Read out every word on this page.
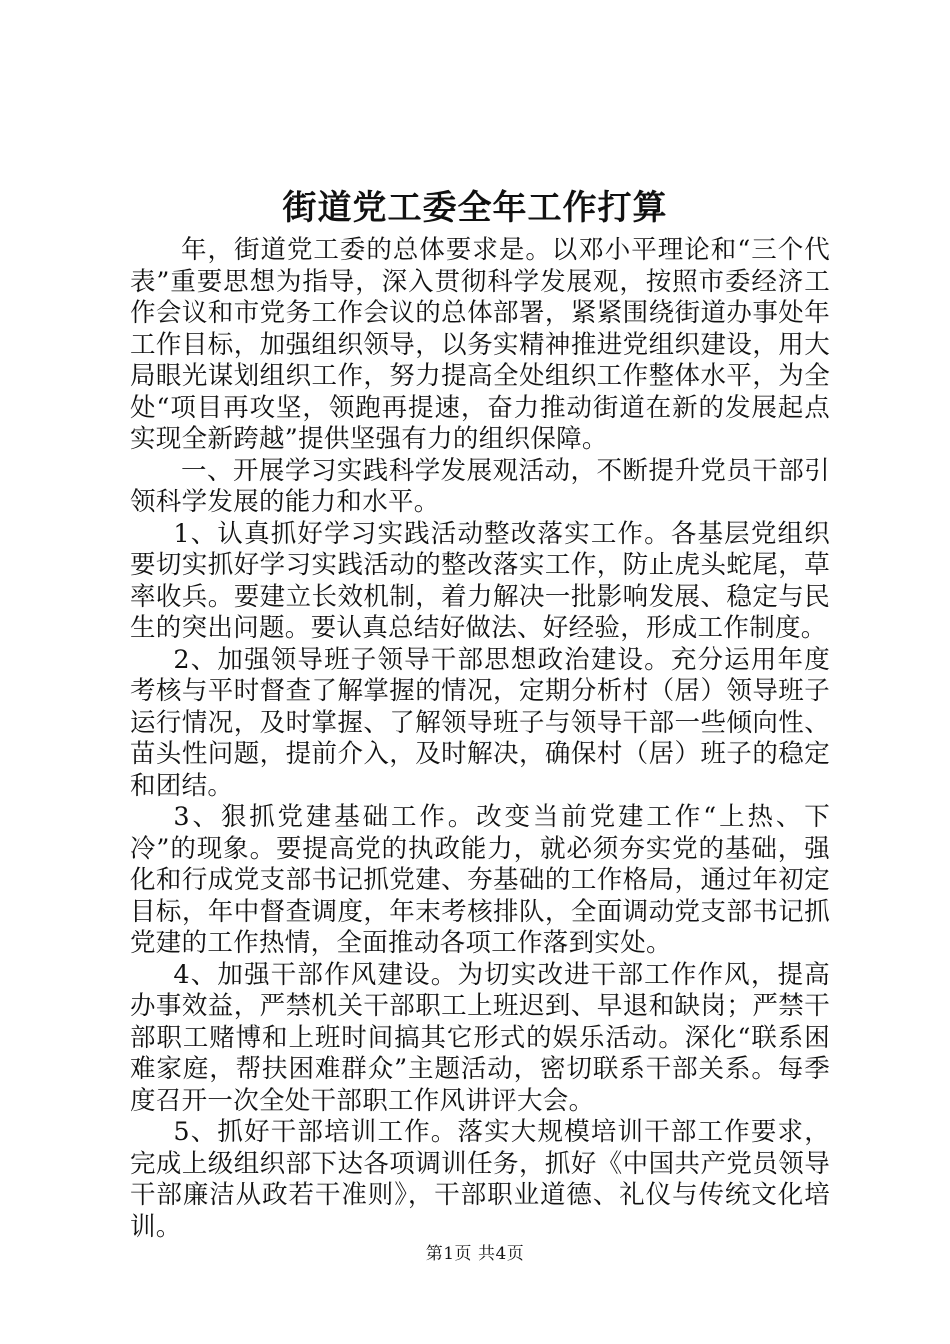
街道党工委全年工作打算

年，街道党工委的总体要求是。以邓小平理论和“三个代表”重要思想为指导，深入贯彻科学发展观，按照市委经济工作会议和市党务工作会议的总体部署，紧紧围绕街道办事处年工作目标，加强组织领导，以务实精神推进党组织建设，用大局眼光谋划组织工作，努力提高全处组织工作整体水平，为全处“项目再攻坚，领跑再提速，奋力推动街道在新的发展起点实现全新跨越”提供坚强有力的组织保障。

一、开展学习实践科学发展观活动，不断提升党员干部引领科学发展的能力和水平。

1、认真抓好学习实践活动整改落实工作。各基层党组织要切实抓好学习实践活动的整改落实工作，防止虎头蛇尾，草率收兵。要建立长效机制，着力解决一批影响发展、稳定与民生的突出问题。要认真总结好做法、好经验，形成工作制度。

2、加强领导班子领导干部思想政治建设。充分运用年度考核与平时督查了解掌握的情况，定期分析村（居）领导班子运行情况，及时掌握、了解领导班子与领导干部一些倾向性、苗头性问题，提前介入，及时解决，确保村（居）班子的稳定和团结。

3、狠抓党建基础工作。改变当前党建工作“上热、下冷”的现象。要提高党的执政能力，就必须夯实党的基础，强化和行成党支部书记抓党建、夯基础的工作格局，通过年初定目标，年中督查调度，年末考核排队，全面调动党支部书记抓党建的工作热情，全面推动各项工作落到实处。

4、加强干部作风建设。为切实改进干部工作作风，提高办事效益，严禁机关干部职工上班迟到、早退和缺岗；严禁干部职工赌博和上班时间搞其它形式的娱乐活动。深化“联系困难家庭，帮扶困难群众”主题活动，密切联系干部关系。每季度召开一次全处干部职工作风讲评大会。

5、抓好干部培训工作。落实大规模培训干部工作要求，完成上级组织部下达各项调训任务，抓好《中国共产党员领导干部廉洁从政若干准则》，干部职业道德、礼仪与传统文化培训。

第1页 共4页
